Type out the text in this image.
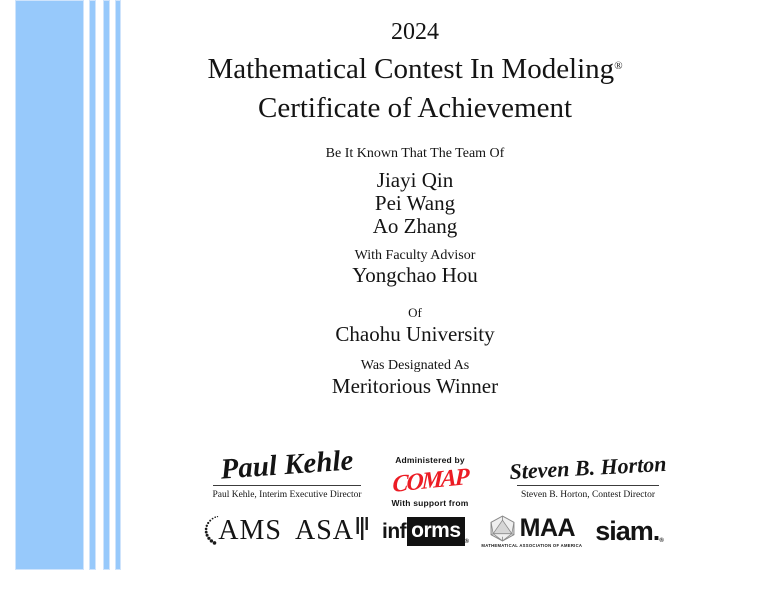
2024
Mathematical Contest In Modeling®
Certificate of Achievement
Be It Known That The Team Of
Jiayi Qin
Pei Wang
Ao Zhang
With Faculty Advisor
Yongchao Hou
Of
Chaohu University
Was Designated As
Meritorious Winner
Paul Kehle
Paul Kehle, Interim Executive Director
Administered by
COMAP
With support from
Steven B. Horton
Steven B. Horton, Contest Director
AMS ASA inf orms ® MAA
MATHEMATICAL ASSOCIATION OF AMERICA siam. ®
